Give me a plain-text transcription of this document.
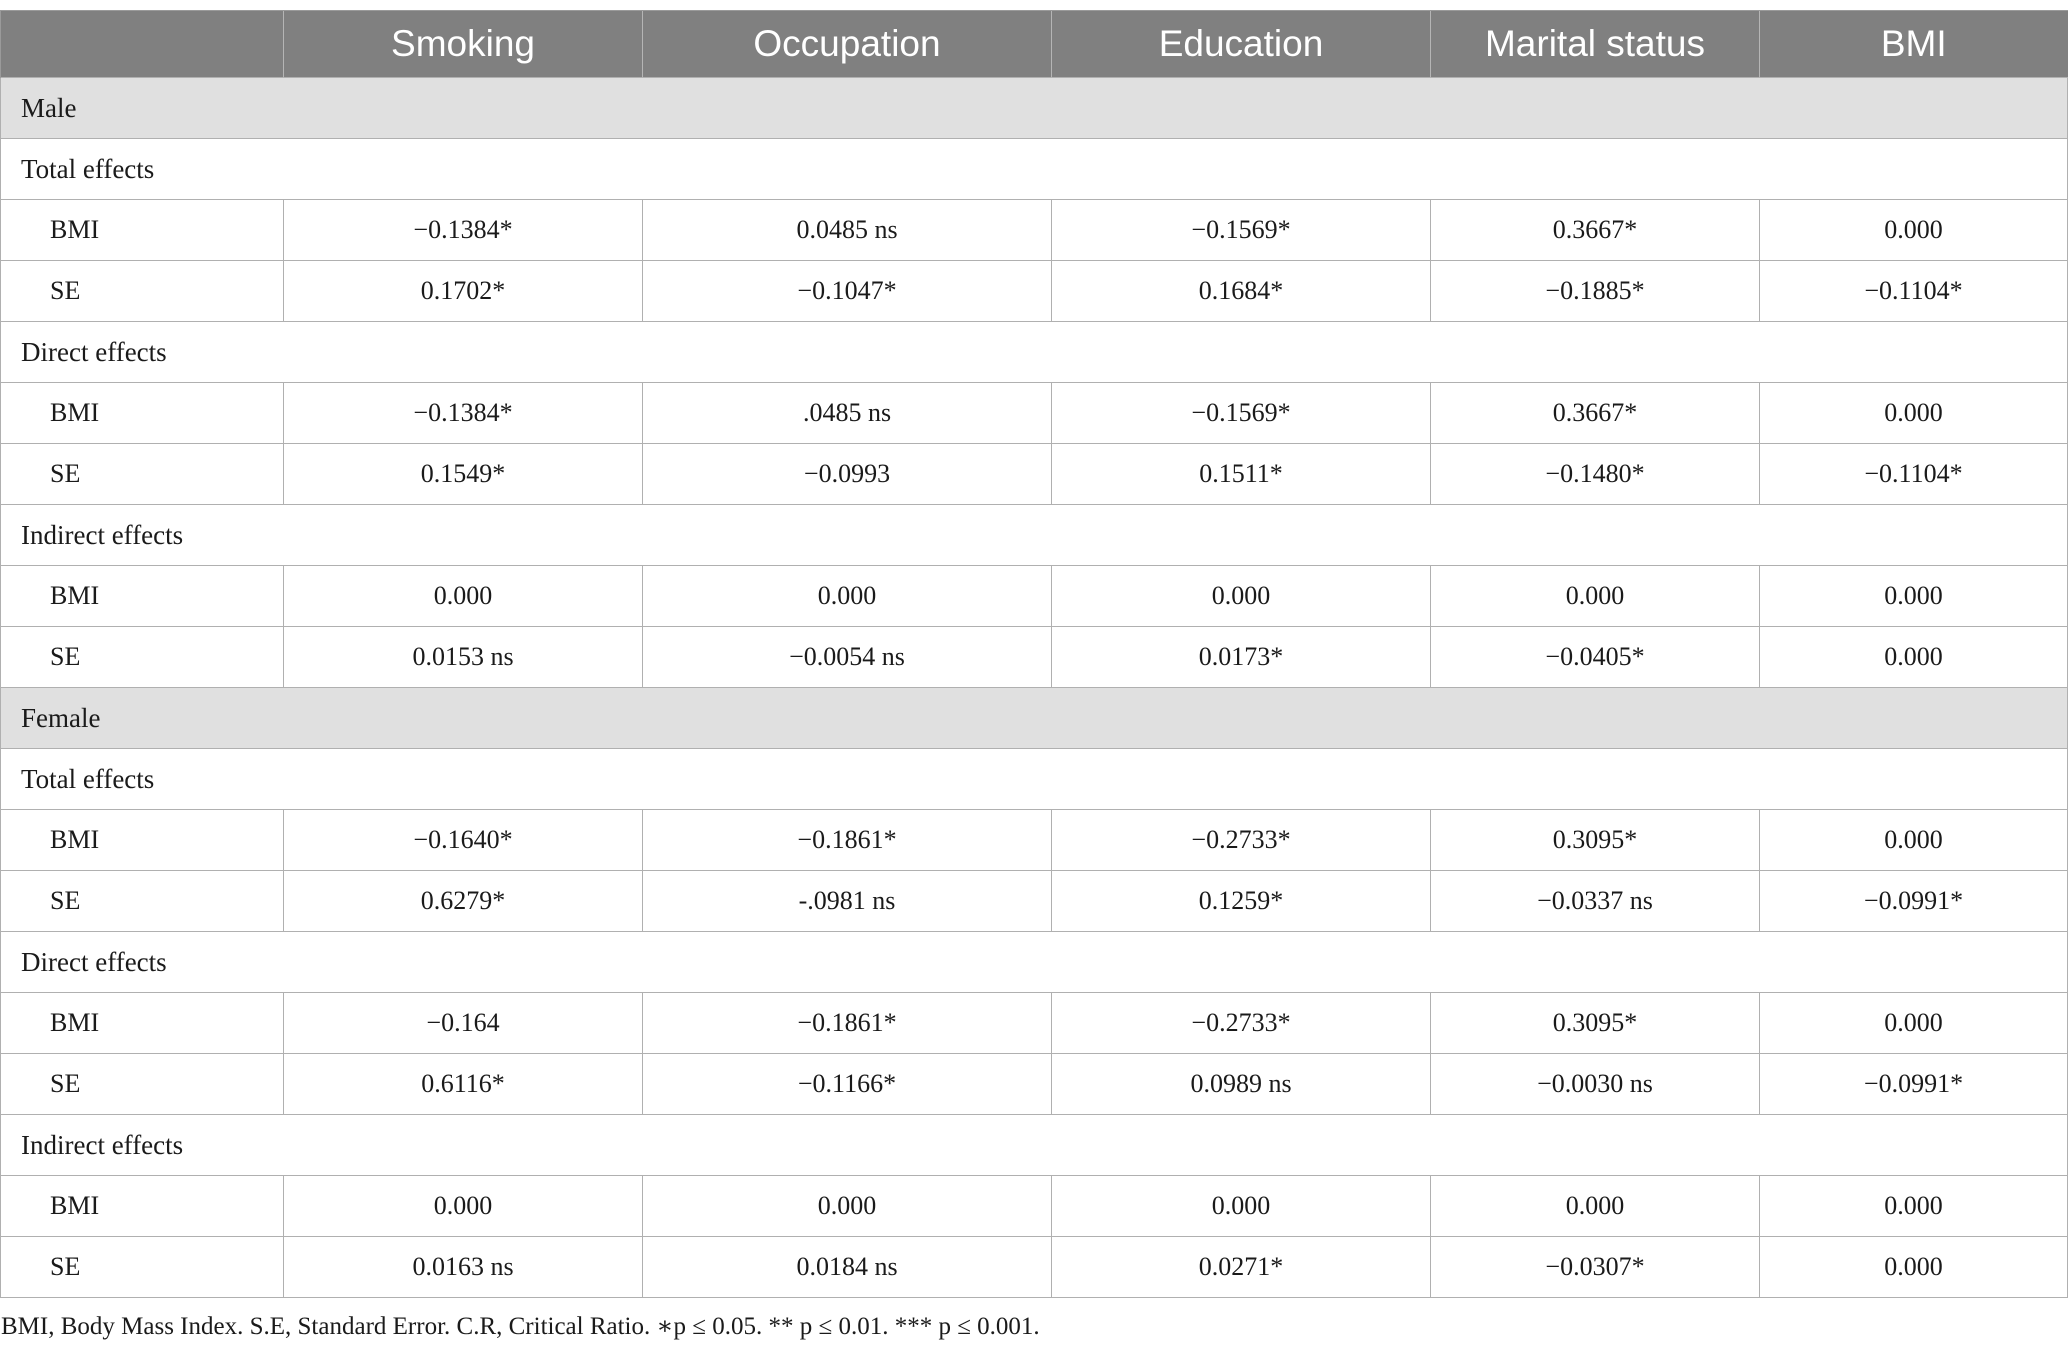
	Smoking	Occupation	Education	Marital status	BMI
Male					
Total effects					
BMI	−0.1384*	0.0485 ns	−0.1569*	0.3667*	0.000
SE	0.1702*	−0.1047*	0.1684*	−0.1885*	−0.1104*
Direct effects					
BMI	−0.1384*	.0485 ns	−0.1569*	0.3667*	0.000
SE	0.1549*	−0.0993	0.1511*	−0.1480*	−0.1104*
Indirect effects					
BMI	0.000	0.000	0.000	0.000	0.000
SE	0.0153 ns	−0.0054 ns	0.0173*	−0.0405*	0.000
Female					
Total effects					
BMI	−0.1640*	−0.1861*	−0.2733*	0.3095*	0.000
SE	0.6279*	-.0981 ns	0.1259*	−0.0337 ns	−0.0991*
Direct effects					
BMI	−0.164	−0.1861*	−0.2733*	0.3095*	0.000
SE	0.6116*	−0.1166*	0.0989 ns	−0.0030 ns	−0.0991*
Indirect effects					
BMI	0.000	0.000	0.000	0.000	0.000
SE	0.0163 ns	0.0184 ns	0.0271*	−0.0307*	0.000
BMI, Body Mass Index. S.E, Standard Error. C.R, Critical Ratio. ∗p ≤ 0.05. ** p ≤ 0.01. *** p ≤ 0.001.
